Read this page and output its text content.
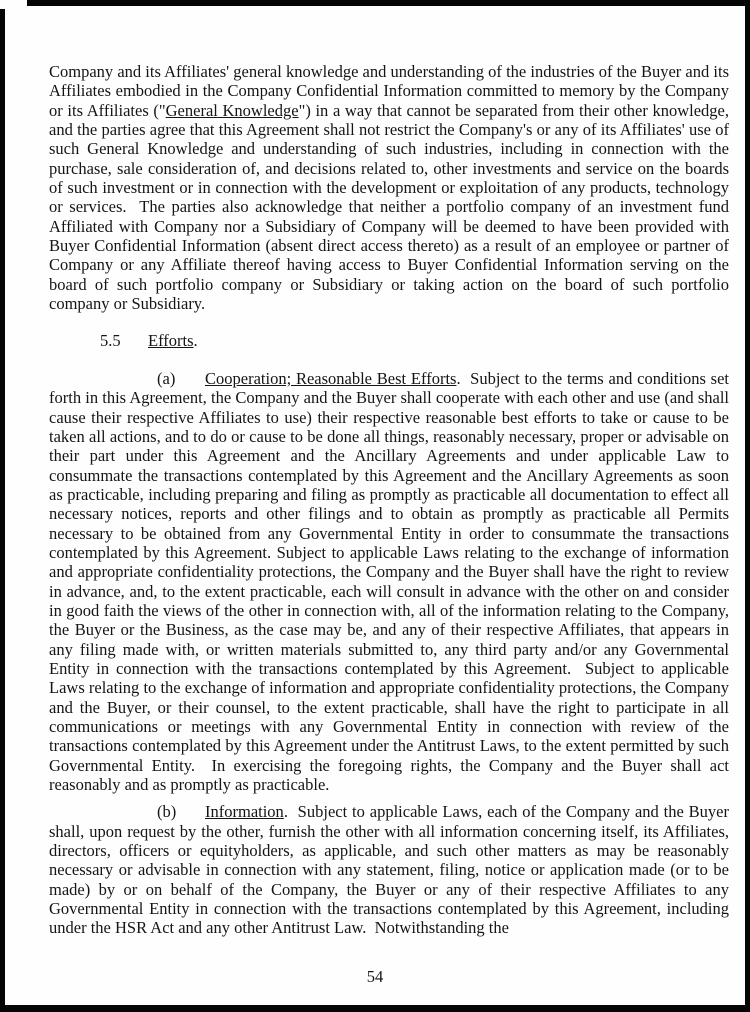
Company and its Affiliates' general knowledge and understanding of the industries of the Buyer and its Affiliates embodied in the Company Confidential Information committed to memory by the Company or its Affiliates ("General Knowledge") in a way that cannot be separated from their other knowledge, and the parties agree that this Agreement shall not restrict the Company's or any of its Affiliates' use of such General Knowledge and understanding of such industries, including in connection with the purchase, sale consideration of, and decisions related to, other investments and service on the boards of such investment or in connection with the development or exploitation of any products, technology or services.  The parties also acknowledge that neither a portfolio company of an investment fund Affiliated with Company nor a Subsidiary of Company will be deemed to have been provided with Buyer Confidential Information (absent direct access thereto) as a result of an employee or partner of Company or any Affiliate thereof having access to Buyer Confidential Information serving on the board of such portfolio company or Subsidiary or taking action on the board of such portfolio company or Subsidiary.

5.5 Efforts.

(a) Cooperation; Reasonable Best Efforts.  Subject to the terms and conditions set forth in this Agreement, the Company and the Buyer shall cooperate with each other and use (and shall cause their respective Affiliates to use) their respective reasonable best efforts to take or cause to be taken all actions, and to do or cause to be done all things, reasonably necessary, proper or advisable on their part under this Agreement and the Ancillary Agreements and under applicable Law to consummate the transactions contemplated by this Agreement and the Ancillary Agreements as soon as practicable, including preparing and filing as promptly as practicable all documentation to effect all necessary notices, reports and other filings and to obtain as promptly as practicable all Permits necessary to be obtained from any Governmental Entity in order to consummate the transactions contemplated by this Agreement. Subject to applicable Laws relating to the exchange of information and appropriate confidentiality protections, the Company and the Buyer shall have the right to review in advance, and, to the extent practicable, each will consult in advance with the other on and consider in good faith the views of the other in connection with, all of the information relating to the Company, the Buyer or the Business, as the case may be, and any of their respective Affiliates, that appears in any filing made with, or written materials submitted to, any third party and/or any Governmental Entity in connection with the transactions contemplated by this Agreement.  Subject to applicable Laws relating to the exchange of information and appropriate confidentiality protections, the Company and the Buyer, or their counsel, to the extent practicable, shall have the right to participate in all communications or meetings with any Governmental Entity in connection with review of the transactions contemplated by this Agreement under the Antitrust Laws, to the extent permitted by such Governmental Entity.  In exercising the foregoing rights, the Company and the Buyer shall act reasonably and as promptly as practicable.

(b) Information.  Subject to applicable Laws, each of the Company and the Buyer shall, upon request by the other, furnish the other with all information concerning itself, its Affiliates, directors, officers or equityholders, as applicable, and such other matters as may be reasonably necessary or advisable in connection with any statement, filing, notice or application made (or to be made) by or on behalf of the Company, the Buyer or any of their respective Affiliates to any Governmental Entity in connection with the transactions contemplated by this Agreement, including under the HSR Act and any other Antitrust Law.  Notwithstanding the

54
